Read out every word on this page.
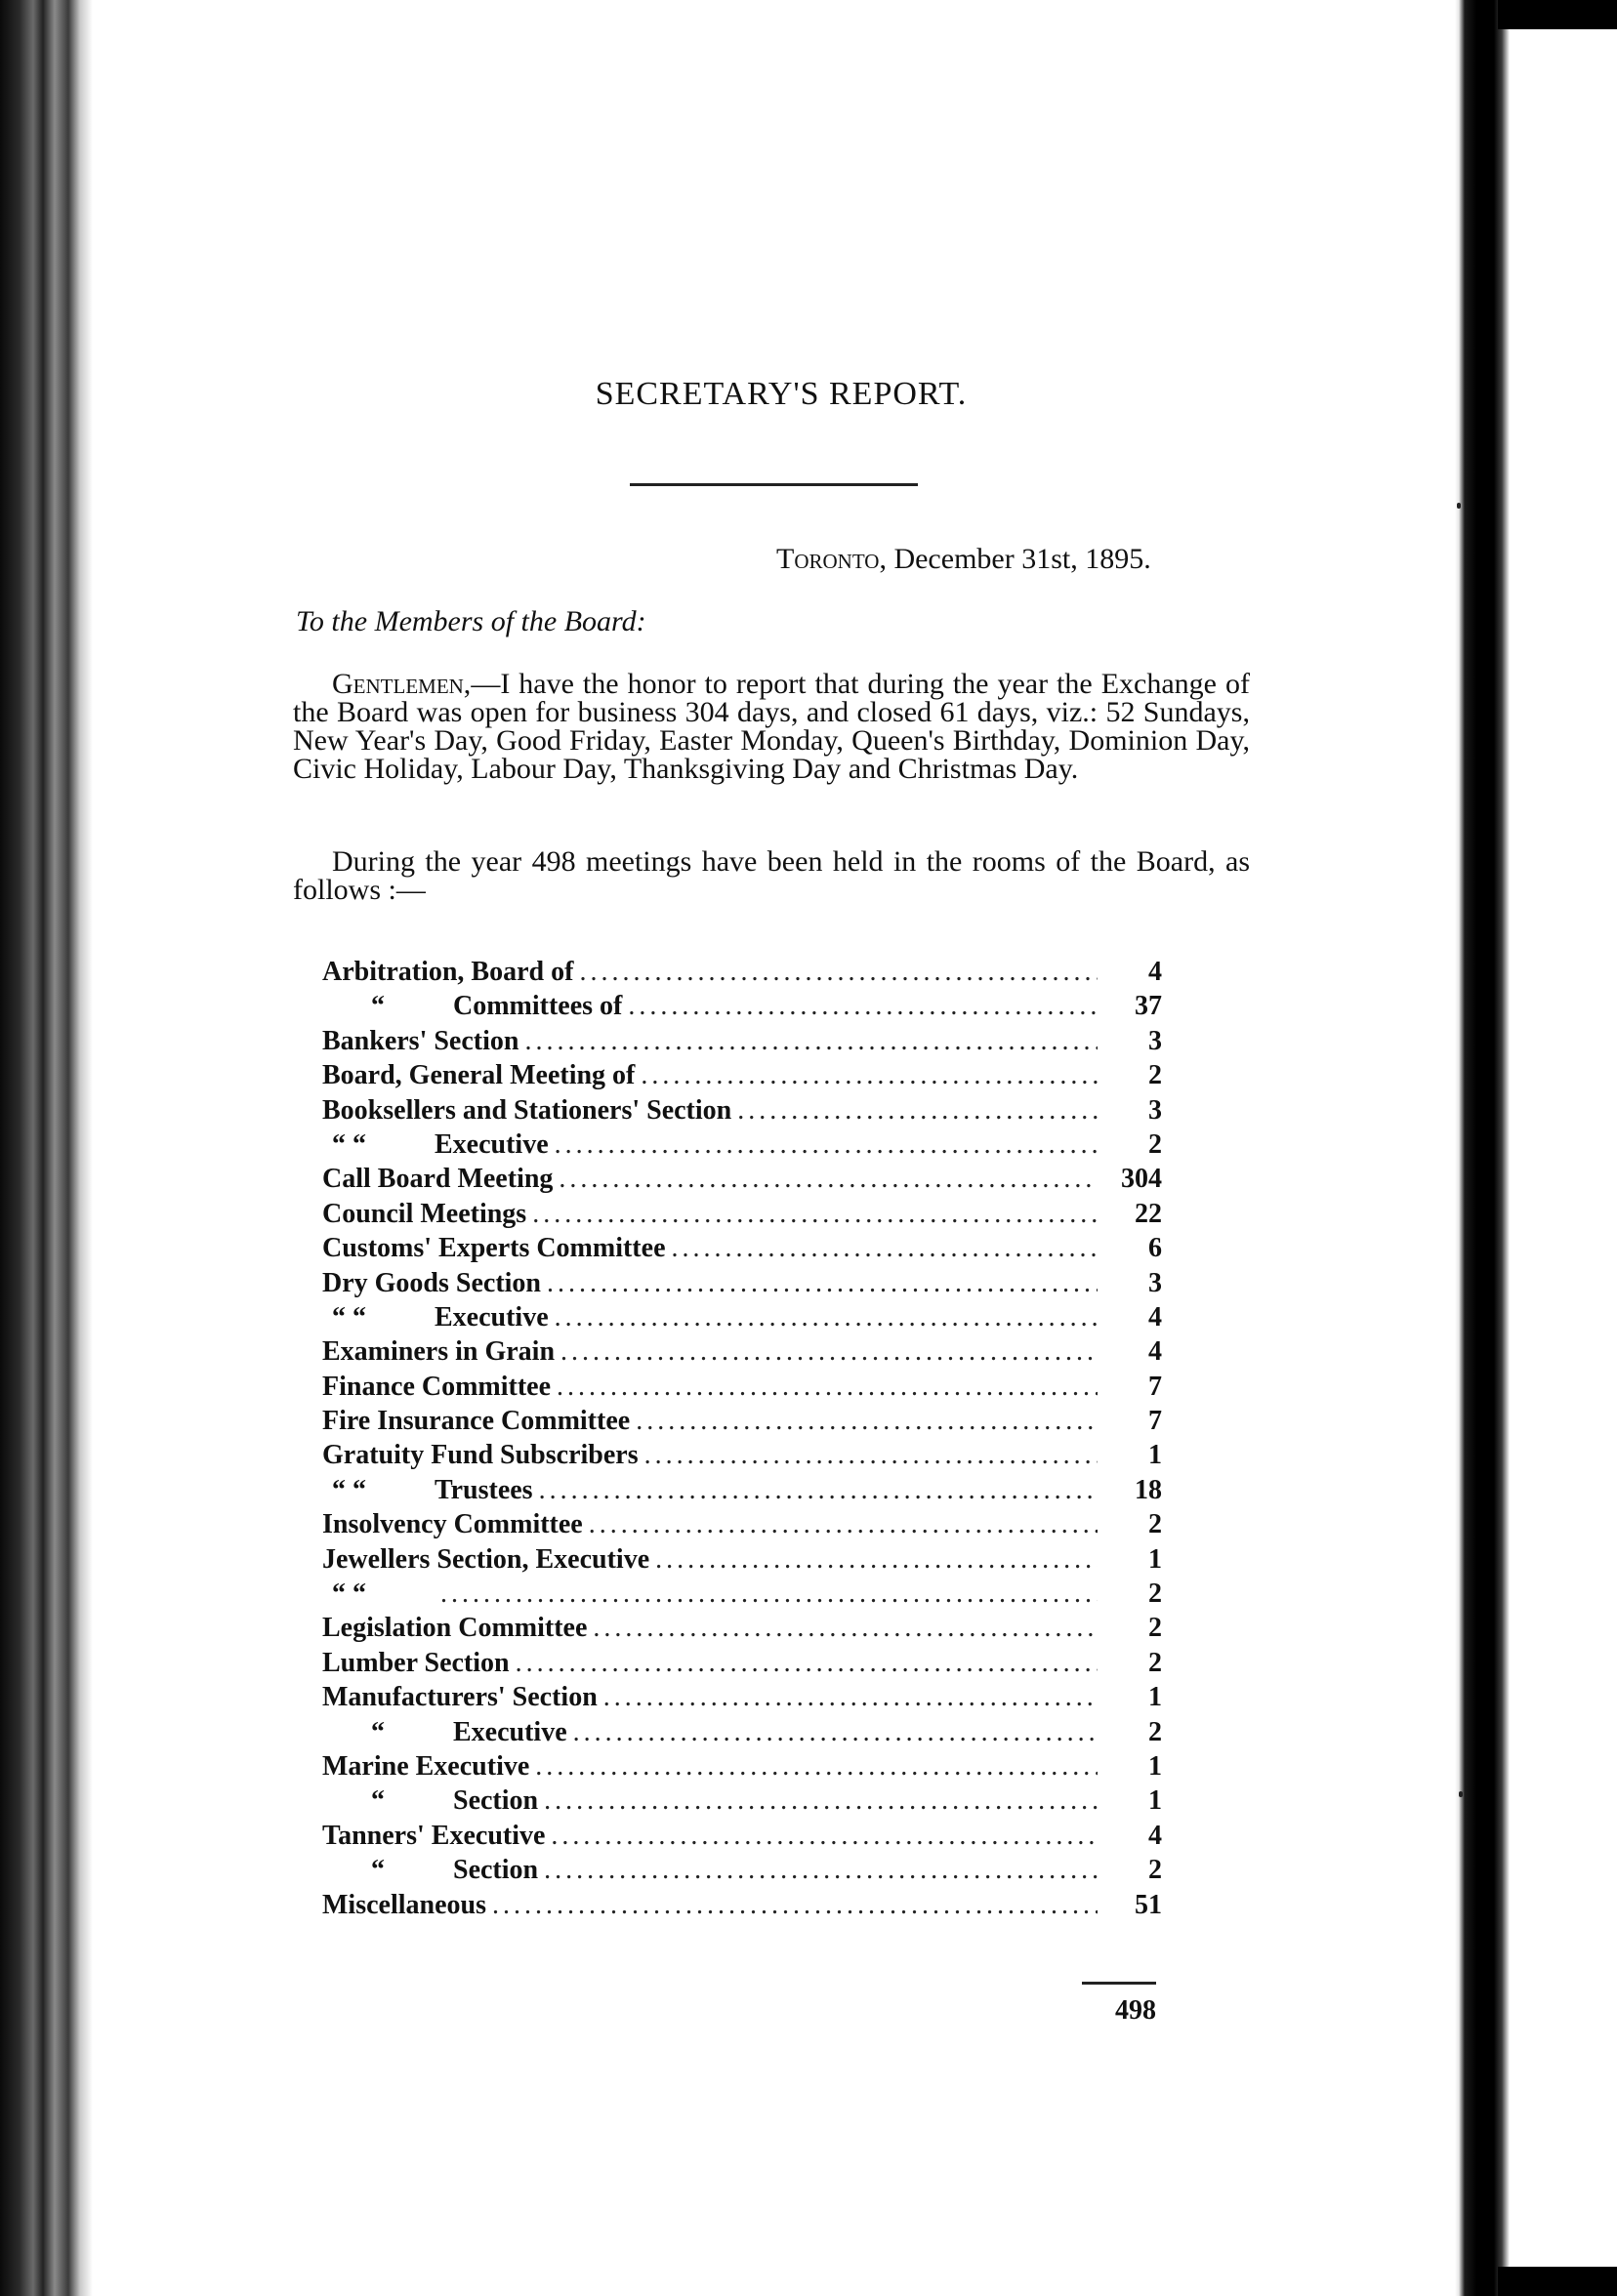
SECRETARY'S REPORT.
Toronto, December 31st, 1895.
To the Members of the Board:
Gentlemen,—I have the honor to report that during the year the Exchange of the Board was open for business 304 days, and closed 61 days, viz.: 52 Sundays, New Year's Day, Good Friday, Easter Monday, Queen's Birthday, Dominion Day, Civic Holiday, Labour Day, Thanksgiving Day and Christmas Day.
During the year 498 meetings have been held in the rooms of the Board, as follows :—
Arbitration, Board of .....	4
“	Committees of .....	37
Bankers' Section .....	3
Board, General Meeting of .....	2
Booksellers and Stationers' Section .....	3
“ “	Executive .....	2
Call Board Meeting .....	304
Council Meetings .....	22
Customs' Experts Committee .....	6
Dry Goods Section .....	3
“ “	Executive .....	4
Examiners in Grain .....	4
Finance Committee .....	7
Fire Insurance Committee .....	7
Gratuity Fund Subscribers .....	1
“ “	Trustees .....	18
Insolvency Committee .....	2
Jewellers Section, Executive .....	1
“ “ .....	2
Legislation Committee .....	2
Lumber Section .....	2
Manufacturers' Section .....	1
“	Executive .....	2
Marine Executive .....	1
“	Section .....	1
Tanners' Executive .....	4
“	Section .....	2
Miscellaneous .....	51
498
